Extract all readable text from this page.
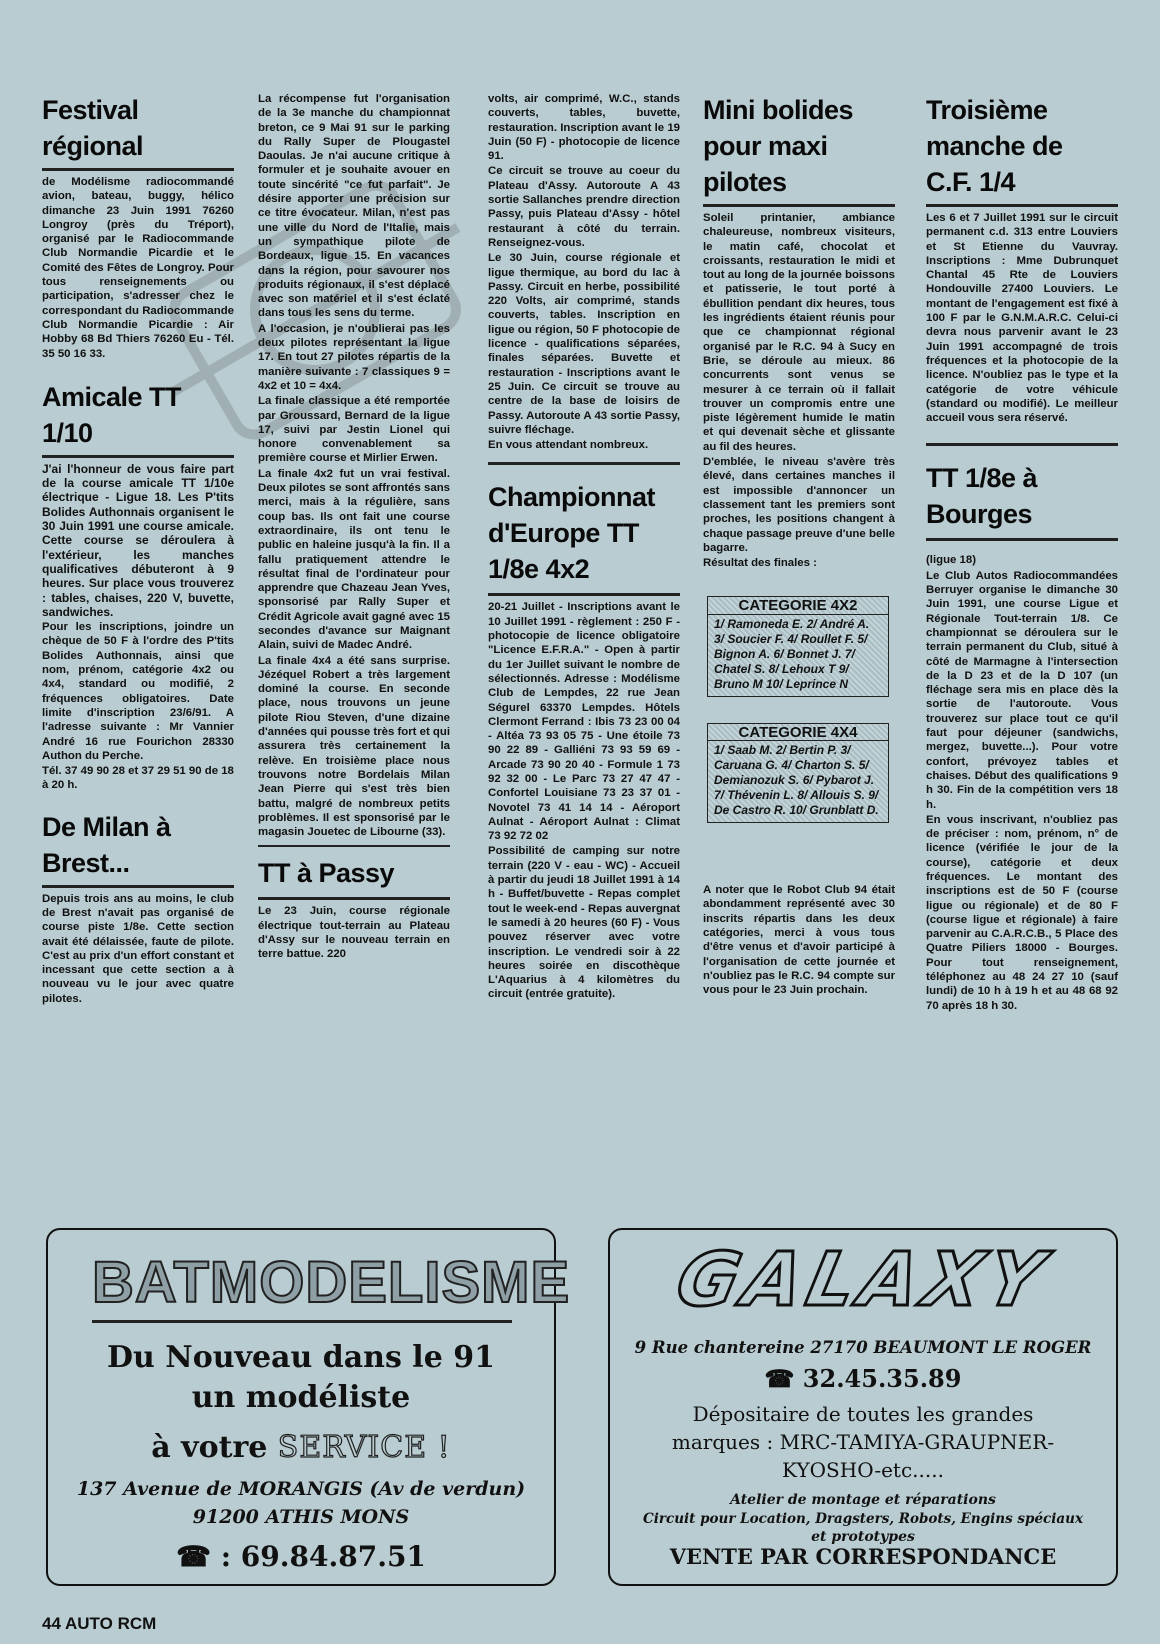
Festival
régional

de Modélisme radiocommandé avion, bateau, buggy, hélico dimanche 23 Juin 1991 76260 Longroy (près du Tréport), organisé par le Radiocommande Club Normandie Picardie et le Comité des Fêtes de Longroy. Pour tous renseignements ou participation, s'adresser chez le correspondant du Radiocommande Club Normandie Picardie : Air Hobby 68 Bd Thiers 76260 Eu - Tél. 35 50 16 33.

Amicale TT
1/10

J'ai l'honneur de vous faire part de la course amicale TT 1/10e électrique - Ligue 18. Les P'tits Bolides Authonnais organisent le 30 Juin 1991 une course amicale. Cette course se déroulera à l'extérieur, les manches qualificatives débuteront à 9 heures. Sur place vous trouverez : tables, chaises, 220 V, buvette, sandwiches.

Pour les inscriptions, joindre un chèque de 50 F à l'ordre des P'tits Bolides Authonnais, ainsi que nom, prénom, catégorie 4x2 ou 4x4, standard ou modifié, 2 fréquences obligatoires. Date limite d'inscription 23/6/91. A l'adresse suivante : Mr Vannier André 16 rue Fourichon 28330 Authon du Perche.

Tél. 37 49 90 28 et 37 29 51 90 de 18 à 20 h.

De Milan à
Brest...

Depuis trois ans au moins, le club de Brest n'avait pas organisé de course piste 1/8e. Cette section avait été délaissée, faute de pilote. C'est au prix d'un effort constant et incessant que cette section a à nouveau vu le jour avec quatre pilotes.

La récompense fut l'organisation de la 3e manche du championnat breton, ce 9 Mai 91 sur le parking du Rally Super de Plougastel Daoulas. Je n'ai aucune critique à formuler et je souhaite avouer en toute sincérité "ce fut parfait". Je désire apporter une précision sur ce titre évocateur. Milan, n'est pas une ville du Nord de l'Italie, mais un sympathique pilote de Bordeaux, ligue 15. En vacances dans la région, pour savourer nos produits régionaux, il s'est déplacé avec son matériel et il s'est éclaté dans tous les sens du terme.

A l'occasion, je n'oublierai pas les deux pilotes représentant la ligue 17. En tout 27 pilotes répartis de la manière suivante : 7 classiques 9 = 4x2 et 10 = 4x4.

La finale classique a été remportée par Groussard, Bernard de la ligue 17, suivi par Jestin Lionel qui honore convenablement sa première course et Mirlier Erwen.

La finale 4x2 fut un vrai festival. Deux pilotes se sont affrontés sans merci, mais à la régulière, sans coup bas. Ils ont fait une course extraordinaire, ils ont tenu le public en haleine jusqu'à la fin. Il a fallu pratiquement attendre le résultat final de l'ordinateur pour apprendre que Chazeau Jean Yves, sponsorisé par Rally Super et Crédit Agricole avait gagné avec 15 secondes d'avance sur Maignant Alain, suivi de Madec André.

La finale 4x4 a été sans surprise. Jézéquel Robert a très largement dominé la course. En seconde place, nous trouvons un jeune pilote Riou Steven, d'une dizaine d'années qui pousse très fort et qui assurera très certainement la relève. En troisième place nous trouvons notre Bordelais Milan Jean Pierre qui s'est très bien battu, malgré de nombreux petits problèmes. Il est sponsorisé par le magasin Jouetec de Libourne (33).

TT à Passy

Le 23 Juin, course régionale électrique tout-terrain au Plateau d'Assy sur le nouveau terrain en terre battue. 220

volts, air comprimé, W.C., stands couverts, tables, buvette, restauration. Inscription avant le 19 Juin (50 F) - photocopie de licence 91.

Ce circuit se trouve au coeur du Plateau d'Assy. Autoroute A 43 sortie Sallanches prendre direction Passy, puis Plateau d'Assy - hôtel restaurant à côté du terrain. Renseignez-vous.

Le 30 Juin, course régionale et ligue thermique, au bord du lac à Passy. Circuit en herbe, possibilité 220 Volts, air comprimé, stands couverts, tables. Inscription en ligue ou région, 50 F photocopie de licence - qualifications séparées, finales séparées. Buvette et restauration - Inscriptions avant le 25 Juin. Ce circuit se trouve au centre de la base de loisirs de Passy. Autoroute A 43 sortie Passy, suivre fléchage.

En vous attendant nombreux.

Championnat
d'Europe TT
1/8e 4x2

20-21 Juillet - Inscriptions avant le 10 Juillet 1991 - règlement : 250 F - photocopie de licence obligatoire "Licence E.F.R.A." - Open à partir du 1er Juillet suivant le nombre de sélectionnés. Adresse : Modélisme Club de Lempdes, 22 rue Jean Ségurel 63370 Lempdes. Hôtels Clermont Ferrand : Ibis 73 23 00 04 - Altéa 73 93 05 75 - Une étoile 73 90 22 89 - Galliéni 73 93 59 69 - Arcade 73 90 20 40 - Formule 1 73 92 32 00 - Le Parc 73 27 47 47 - Confortel Louisiane 73 23 37 01 - Novotel 73 41 14 14 - Aéroport Aulnat - Aéroport Aulnat : Climat 73 92 72 02

Possibilité de camping sur notre terrain (220 V - eau - WC) - Accueil à partir du jeudi 18 Juillet 1991 à 14 h - Buffet/buvette - Repas complet tout le week-end - Repas auvergnat le samedi à 20 heures (60 F) - Vous pouvez réserver avec votre inscription. Le vendredi soir à 22 heures soirée en discothèque L'Aquarius à 4 kilomètres du circuit (entrée gratuite).

Mini bolides
pour maxi
pilotes

Soleil printanier, ambiance chaleureuse, nombreux visiteurs, le matin café, chocolat et croissants, restauration le midi et tout au long de la journée boissons et patisserie, le tout porté à ébullition pendant dix heures, tous les ingrédients étaient réunis pour que ce championnat régional organisé par le R.C. 94 à Sucy en Brie, se déroule au mieux. 86 concurrents sont venus se mesurer à ce terrain où il fallait trouver un compromis entre une piste légèrement humide le matin et qui devenait sèche et glissante au fil des heures.

D'emblée, le niveau s'avère très élevé, dans certaines manches il est impossible d'annoncer un classement tant les premiers sont proches, les positions changent à chaque passage preuve d'une belle bagarre.

Résultat des finales :

CATEGORIE 4X2
1/ Ramoneda E. 2/ André A. 3/ Soucier F. 4/ Roullet F. 5/ Bignon A. 6/ Bonnet J. 7/ Chatel S. 8/ Lehoux T 9/ Bruno M 10/ Leprince N
CATEGORIE 4X4
1/ Saab M. 2/ Bertin P. 3/ Caruana G. 4/ Charton S. 5/ Demianozuk S. 6/ Pybarot J. 7/ Thévenin L. 8/ Allouis S. 9/ De Castro R. 10/ Grunblatt D.

A noter que le Robot Club 94 était abondamment représenté avec 30 inscrits répartis dans les deux catégories, merci à vous tous d'être venus et d'avoir participé à l'organisation de cette journée et n'oubliez pas le R.C. 94 compte sur vous pour le 23 Juin prochain.

Troisième
manche de
C.F. 1/4

Les 6 et 7 Juillet 1991 sur le circuit permanent c.d. 313 entre Louviers et St Etienne du Vauvray. Inscriptions : Mme Dubrunquet Chantal 45 Rte de Louviers Hondouville 27400 Louviers. Le montant de l'engagement est fixé à 100 F par le G.N.M.A.R.C. Celui-ci devra nous parvenir avant le 23 Juin 1991 accompagné de trois fréquences et la photocopie de la licence. N'oubliez pas le type et la catégorie de votre véhicule (standard ou modifié). Le meilleur accueil vous sera réservé.

TT 1/8e à
Bourges

(ligue 18)

Le Club Autos Radiocommandées Berruyer organise le dimanche 30 Juin 1991, une course Ligue et Régionale Tout-terrain 1/8. Ce championnat se déroulera sur le terrain permanent du Club, situé à côté de Marmagne à l'intersection de la D 23 et de la D 107 (un fléchage sera mis en place dès la sortie de l'autoroute. Vous trouverez sur place tout ce qu'il faut pour déjeuner (sandwichs, mergez, buvette...). Pour votre confort, prévoyez tables et chaises. Début des qualifications 9 h 30. Fin de la compétition vers 18 h.

En vous inscrivant, n'oubliez pas de préciser : nom, prénom, n° de licence (vérifiée le jour de la course), catégorie et deux fréquences. Le montant des inscriptions est de 50 F (course ligue ou régionale) et de 80 F (course ligue et régionale) à faire parvenir au C.A.R.C.B., 5 Place des Quatre Piliers 18000 - Bourges. Pour tout renseignement, téléphonez au 48 24 27 10 (sauf lundi) de 10 h à 19 h et au 48 68 92 70 après 18 h 30.

BATMODELISME
Du Nouveau dans le 91
un modéliste
à votre SERVICE !
137 Avenue de MORANGIS (Av de verdun)
91200 ATHIS MONS
☎ : 69.84.87.51
GALAXY
9 Rue chantereine 27170 BEAUMONT LE ROGER
☎ 32.45.35.89
Dépositaire de toutes les grandes
marques : MRC-TAMIYA-GRAUPNER-
KYOSHO-etc.....
Atelier de montage et réparations
Circuit pour Location, Dragsters, Robots, Engins spéciaux
et prototypes
VENTE PAR CORRESPONDANCE
44 AUTO RCM
